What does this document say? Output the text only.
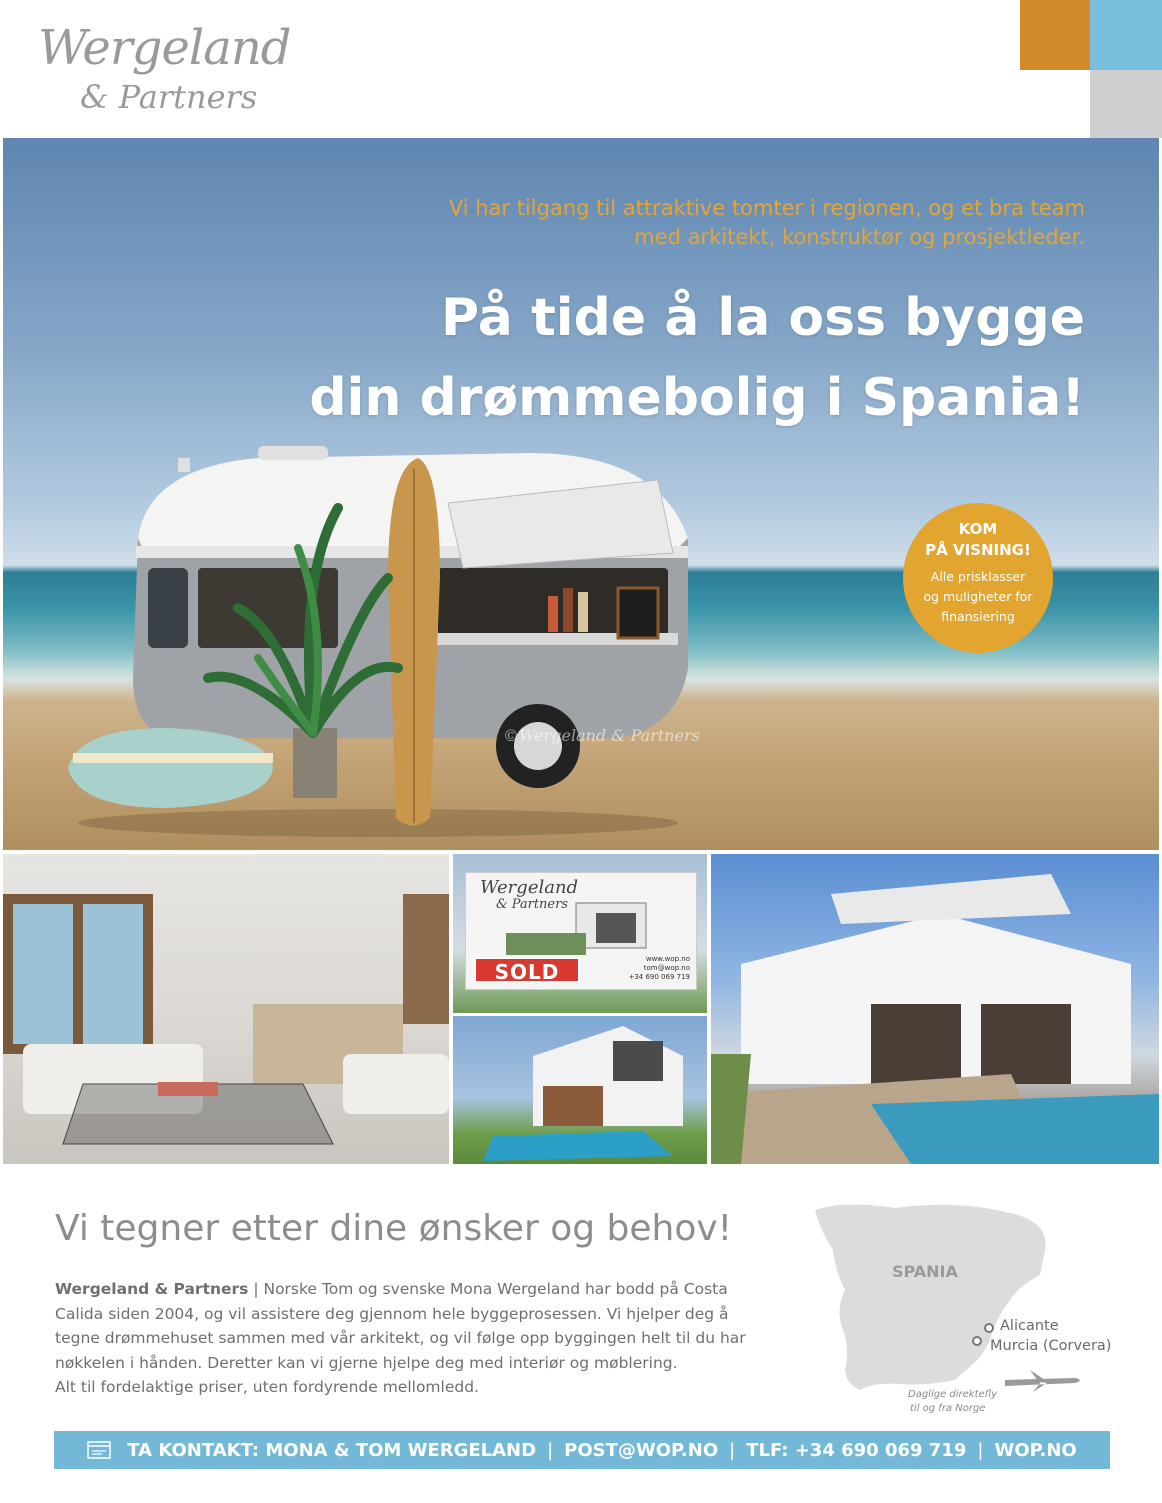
Wergeland
& Partners
Vi har tilgang til attraktive tomter i regionen, og et bra team med arkitekt, konstruktør og prosjektleder.
På tide å la oss bygge
din drømmebolig i Spania!
©Wergeland & Partners
KOM
PÅ VISNING!
Alle prisklasser
og muligheter for
finansiering
Wergeland
& Partners
SOLD
www.wop.no
tom@wop.no
+34 690 069 719
Vi tegner etter dine ønsker og behov!
Wergeland & Partners | Norske Tom og svenske Mona Wergeland har bodd på Costa Calida siden 2004, og vil assistere deg gjennom hele byggeprosessen. Vi hjelper deg å tegne drømmehuset sammen med vår arkitekt, og vil følge opp byggingen helt til du har nøkkelen i hånden. Deretter kan vi gjerne hjelpe deg med interiør og møblering.
Alt til fordelaktige priser, uten fordyrende mellomledd.
SPANIA
Alicante
Murcia (Corvera)
Daglige direktefly
til og fra Norge
TA KONTAKT: MONA & TOM WERGELAND | POST@WOP.NO | TLF: +34 690 069 719 | WOP.NO
